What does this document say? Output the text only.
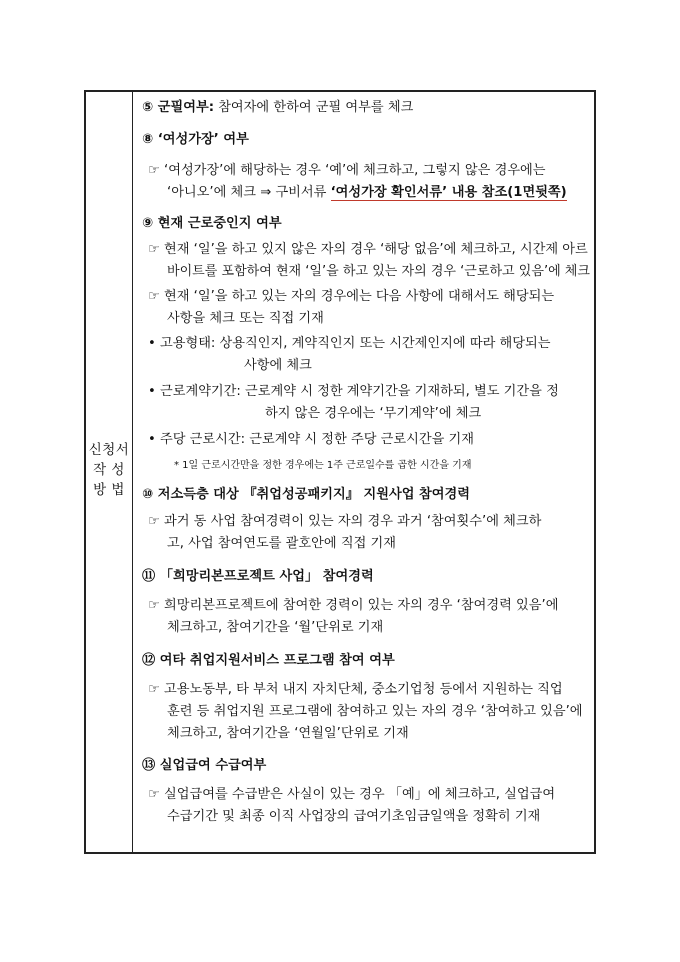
신청서
작 성
방 법
⑤ 군필여부: 참여자에 한하여 군필 여부를 체크
⑧ ‘여성가장’ 여부
☞ ‘여성가장’에 해당하는 경우 ‘예’에 체크하고, 그렇지 않은 경우에는
‘아니오’에 체크 ⇒ 구비서류 ‘여성가장 확인서류’ 내용 참조(1면뒷쪽)
⑨ 현재 근로중인지 여부
☞ 현재 ‘일’을 하고 있지 않은 자의 경우 ‘해당 없음’에 체크하고, 시간제 아르
바이트를 포함하여 현재 ‘일’을 하고 있는 자의 경우 ‘근로하고 있음’에 체크
☞ 현재 ‘일’을 하고 있는 자의 경우에는 다음 사항에 대해서도 해당되는
사항을 체크 또는 직접 기재
• 고용형태: 상용직인지, 계약직인지 또는 시간제인지에 따라 해당되는
사항에 체크
• 근로계약기간: 근로계약 시 정한 계약기간을 기재하되, 별도 기간을 정
하지 않은 경우에는 ‘무기계약’에 체크
• 주당 근로시간: 근로계약 시 정한 주당 근로시간을 기재
* 1일 근로시간만을 정한 경우에는 1주 근로일수를 곱한 시간을 기재
⑩ 저소득층 대상 『취업성공패키지』 지원사업 참여경력
☞ 과거 동 사업 참여경력이 있는 자의 경우 과거 ‘참여횟수’에 체크하
고, 사업 참여연도를 괄호안에 직접 기재
⑪ 「희망리본프로젝트 사업」 참여경력
☞ 희망리본프로젝트에 참여한 경력이 있는 자의 경우 ‘참여경력 있음’에
체크하고, 참여기간을 ‘월’단위로 기재
⑫ 여타 취업지원서비스 프로그램 참여 여부
☞ 고용노동부, 타 부처 내지 자치단체, 중소기업청 등에서 지원하는 직업
훈련 등 취업지원 프로그램에 참여하고 있는 자의 경우 ‘참여하고 있음’에
체크하고, 참여기간을 ‘연월일’단위로 기재
⑬ 실업급여 수급여부
☞ 실업급여를 수급받은 사실이 있는 경우 「예」에 체크하고, 실업급여
수급기간 및 최종 이직 사업장의 급여기초임금일액을 정확히 기재
